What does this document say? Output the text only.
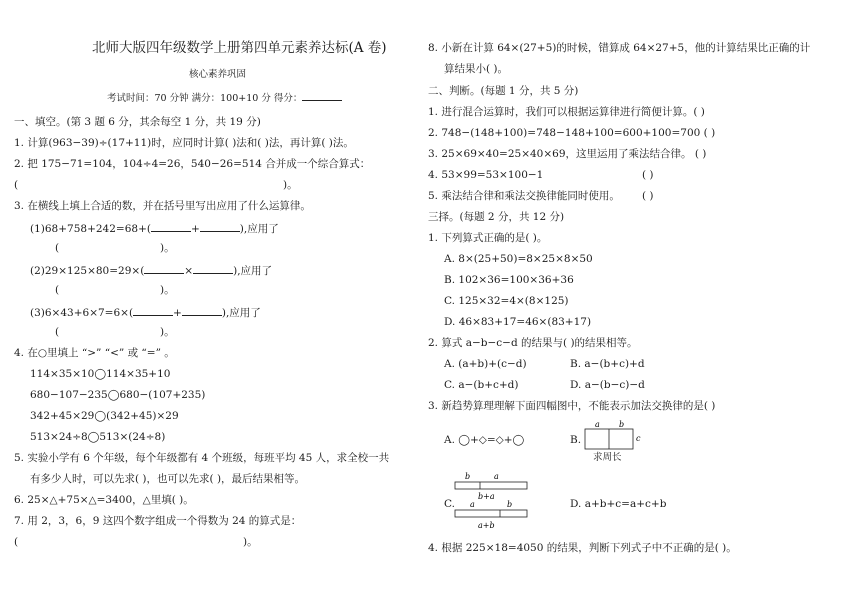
北师大版四年级数学上册第四单元素养达标(A 卷)
核心素养巩固
考试时间：70 分钟 满分：100+10 分 得分：
一、填空。(第 3 题 6 分，其余每空 1 分，共 19 分)
1. 计算(963−39)÷(17+11)时，应同时计算( )法和( )法，再计算( )法。
2. 把 175−71=104，104÷4=26，540−26=514 合并成一个综合算式：
(	)。
3. 在横线上填上合适的数，并在括号里写出应用了什么运算律。
(1)68+758+242=68+(	+	),应用了
(	)。
(2)29×125×80=29×(	×	),应用了
(	)。
(3)6×43+6×7=6×(	+	),应用了
(	)。
4. 在○里填上 “>” “<” 或 “=” 。
114×35×10◯114×35+10
680−107−235◯680−(107+235)
342+45×29◯(342+45)×29
513×24÷8◯513×(24÷8)
5. 实验小学有 6 个年级，每个年级都有 4 个班级，每班平均 45 人，求全校一共
有多少人时，可以先求( )，也可以先求( )，最后结果相等。
6. 25×△+75×△=3400，△里填( )。
7. 用 2，3，6，9 这四个数字组成一个得数为 24 的算式是：
(	)。
8. 小新在计算 64×(27+5)的时候，错算成 64×27+5，他的计算结果比正确的计
算结果小( )。
二、判断。(每题 1 分，共 5 分)
1. 进行混合运算时，我们可以根据运算律进行简便计算。( )
2. 748−(148+100)=748−148+100=600+100=700 ( )
3. 25×69×40=25×40×69，这里运用了乘法结合律。 ( )
4. 53×99=53×100−1	( )
5. 乘法结合律和乘法交换律能同时使用。 ( )
三择。(每题 2 分，共 12 分)
1. 下列算式正确的是( )。
A. 8×(25+50)=8×25×8×50
B. 102×36=100×36+36
C. 125×32=4×(8×125)
D. 46×83+17=46×(83+17)
2. 算式 a−b−c−d 的结果与( )的结果相等。
A. (a+b)+(c−d)	B. a−(b+c)+d
C. a−(b+c+d)	D. a−(b−c)−d
3. 新趋势算理理解下面四幅图中，不能表示加法交换律的是( )
A. ◯+◇=◇+◯	B.
a b
c
求周长
C.
b	a
b+a
a	b
a+b
D. a+b+c=a+c+b
4. 根据 225×18=4050 的结果，判断下列式子中不正确的是( )。
